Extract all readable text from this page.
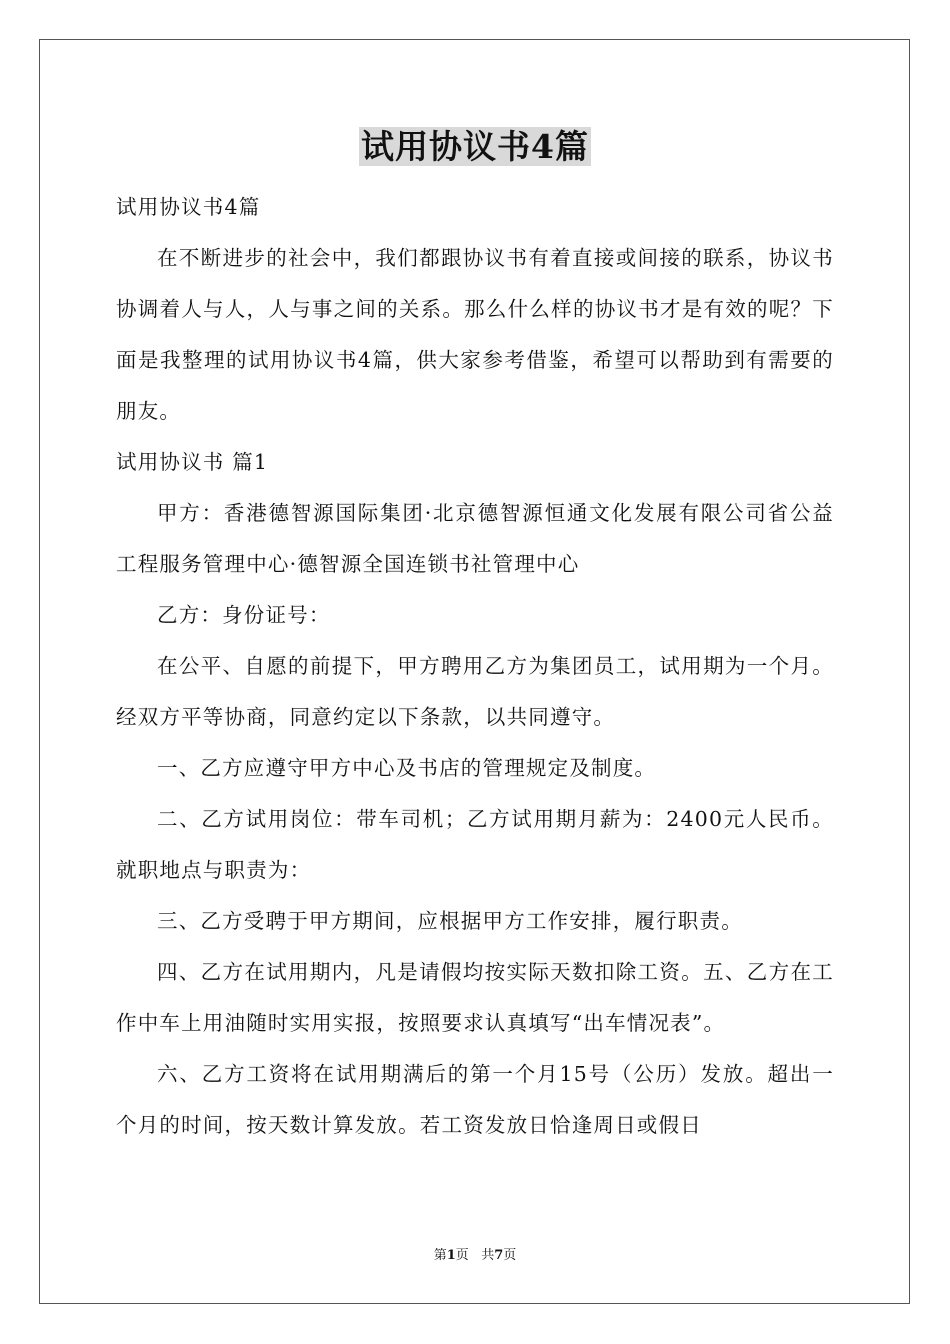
试用协议书4篇

试用协议书4篇

在不断进步的社会中，我们都跟协议书有着直接或间接的联系，协议书协调着人与人，人与事之间的关系。那么什么样的协议书才是有效的呢？下面是我整理的试用协议书4篇，供大家参考借鉴，希望可以帮助到有需要的朋友。

试用协议书 篇1

甲方：香港德智源国际集团·北京德智源恒通文化发展有限公司省公益工程服务管理中心·德智源全国连锁书社管理中心

乙方：身份证号：

在公平、自愿的前提下，甲方聘用乙方为集团员工，试用期为一个月。经双方平等协商，同意约定以下条款，以共同遵守。

一、乙方应遵守甲方中心及书店的管理规定及制度。

二、乙方试用岗位：带车司机；乙方试用期月薪为：2400元人民币。就职地点与职责为：

三、乙方受聘于甲方期间，应根据甲方工作安排，履行职责。

四、乙方在试用期内，凡是请假均按实际天数扣除工资。五、乙方在工作中车上用油随时实用实报，按照要求认真填写“出车情况表”。

六、乙方工资将在试用期满后的第一个月15号（公历）发放。超出一个月的时间，按天数计算发放。若工资发放日恰逢周日或假日

第1页 共7页
